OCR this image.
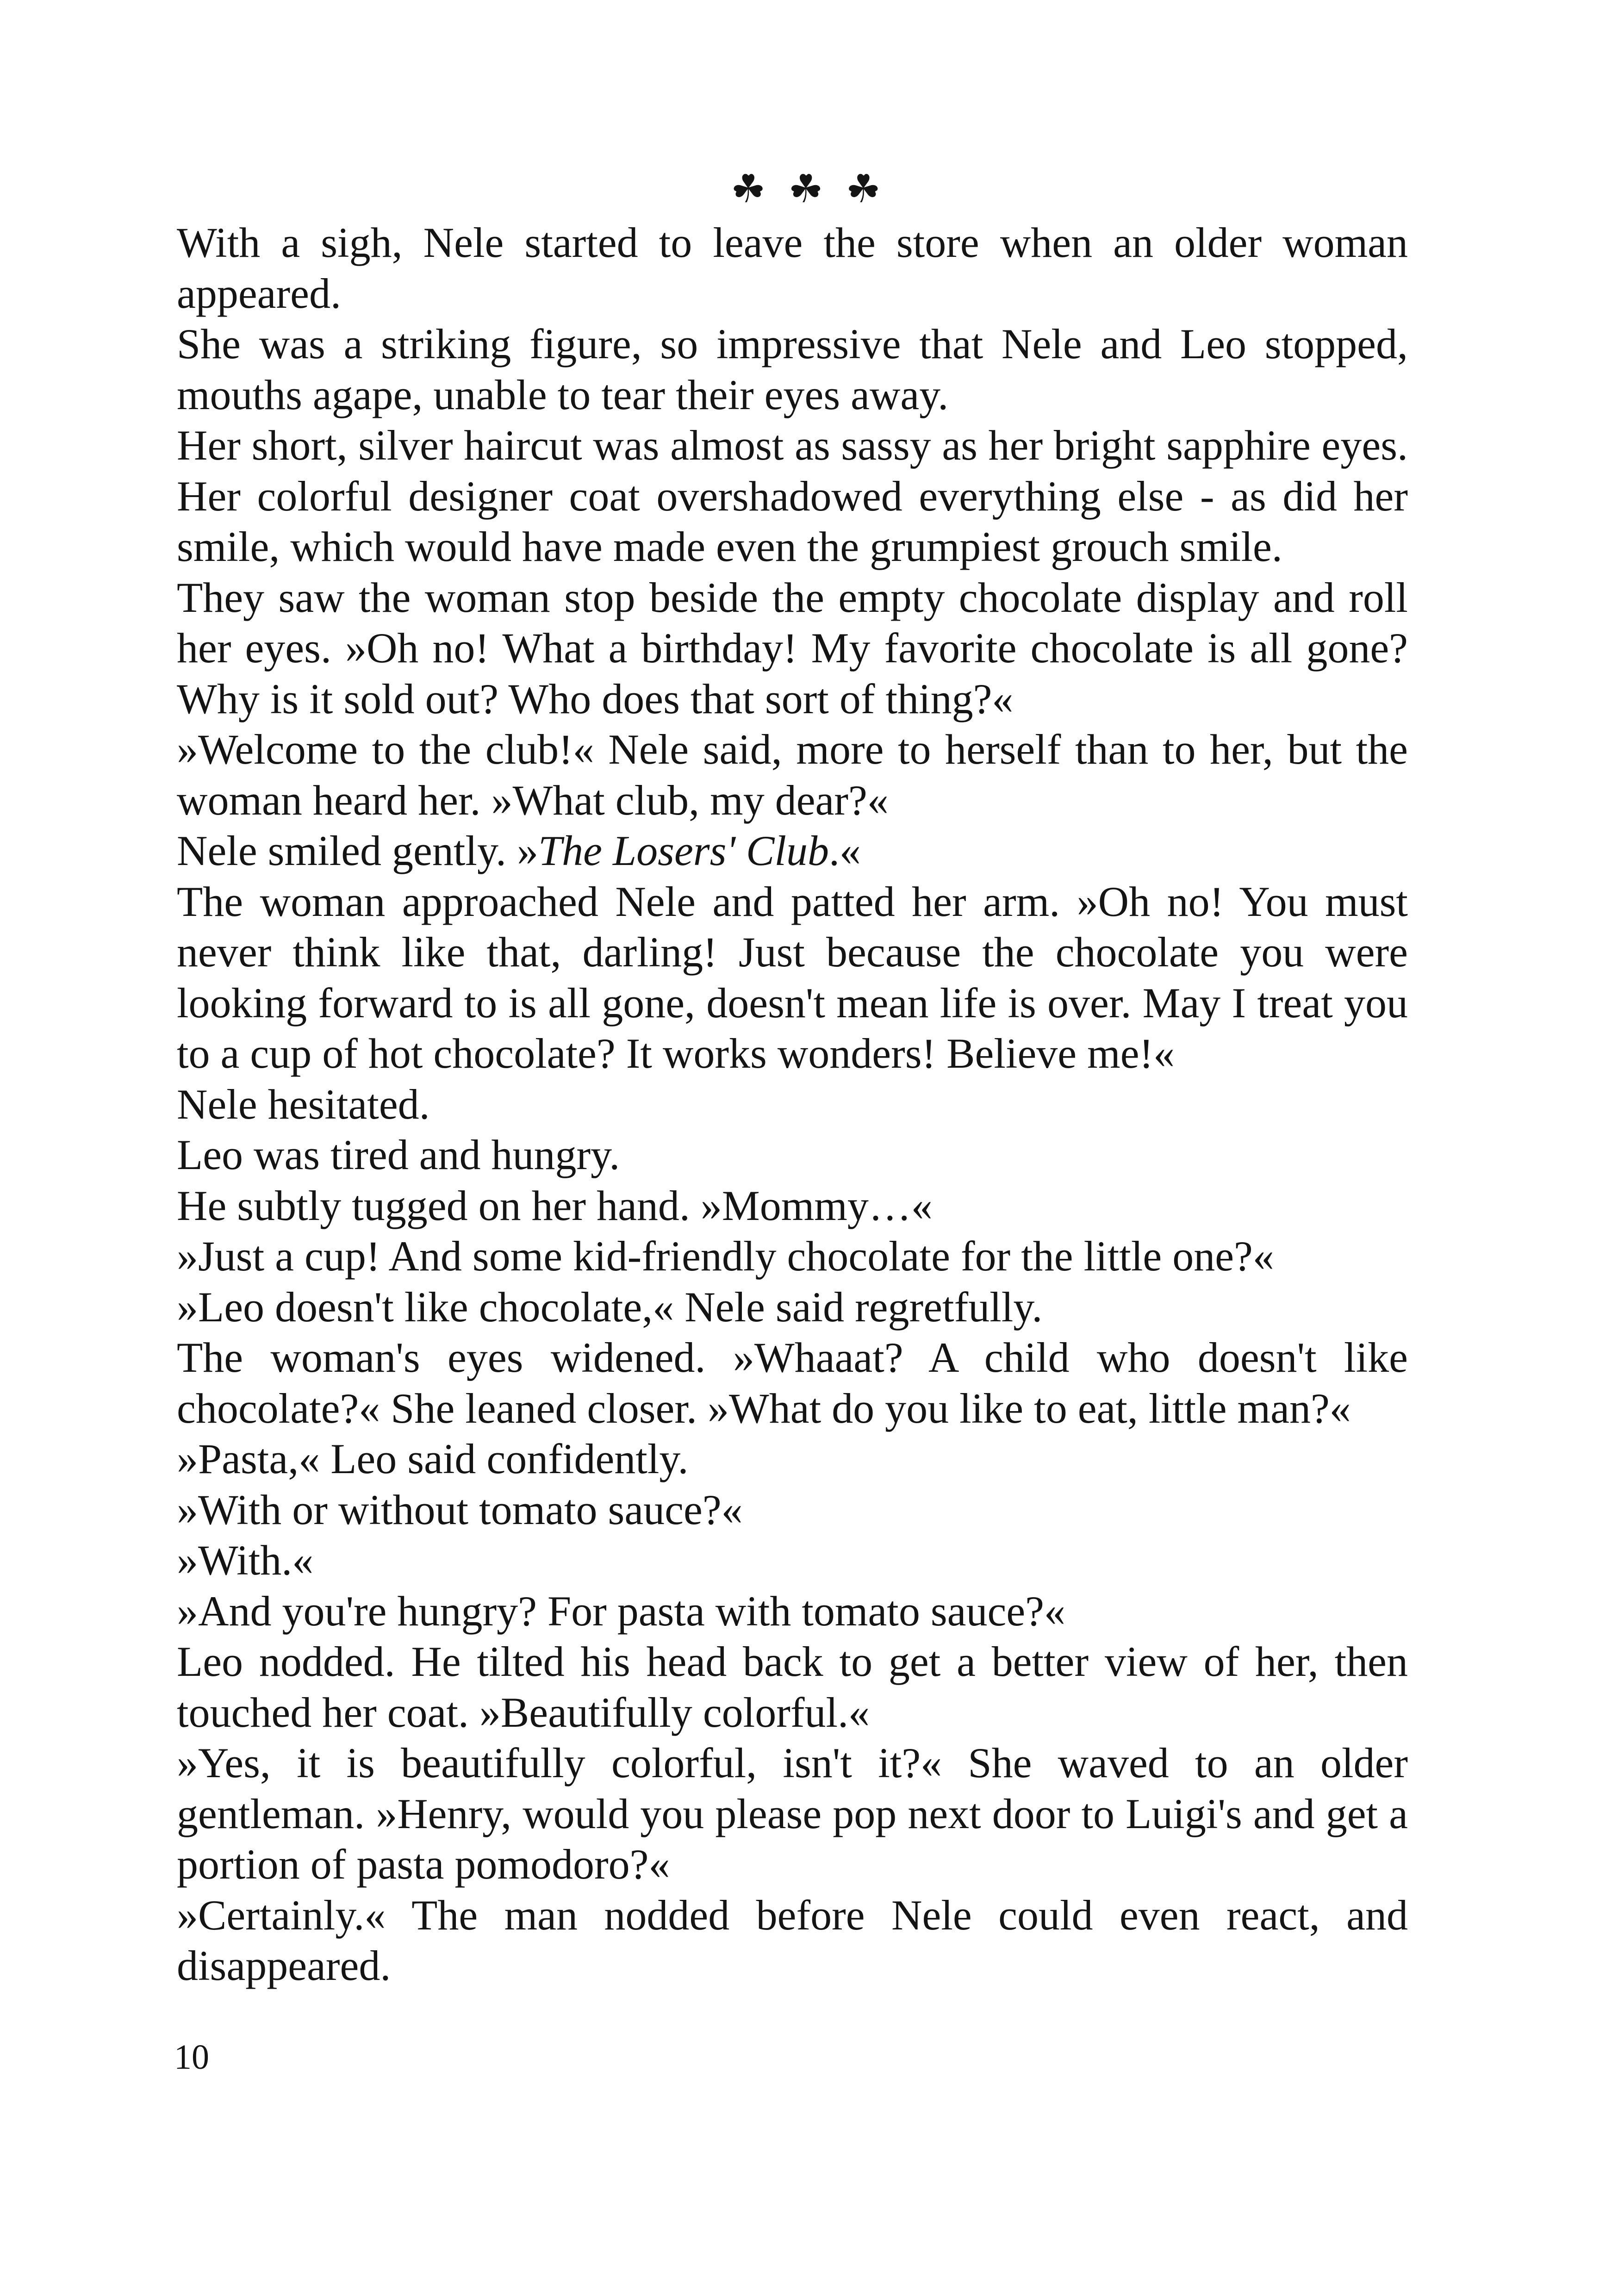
☘ ☘ ☘

With a sigh, Nele started to leave the store when an older woman appeared.

She was a striking figure, so impressive that Nele and Leo stopped, mouths agape, unable to tear their eyes away.

Her short, silver haircut was almost as sassy as her bright sapphire eyes. Her colorful designer coat overshadowed everything else - as did her smile, which would have made even the grumpiest grouch smile.

They saw the woman stop beside the empty chocolate display and roll her eyes. »Oh no! What a birthday! My favorite chocolate is all gone? Why is it sold out? Who does that sort of thing?«

»Welcome to the club!« Nele said, more to herself than to her, but the woman heard her. »What club, my dear?«

Nele smiled gently. »The Losers' Club.«

The woman approached Nele and patted her arm. »Oh no! You must never think like that, darling! Just because the chocolate you were looking forward to is all gone, doesn't mean life is over. May I treat you to a cup of hot chocolate? It works wonders! Believe me!«

Nele hesitated.

Leo was tired and hungry.

He subtly tugged on her hand. »Mommy…«

»Just a cup! And some kid-friendly chocolate for the little one?«

»Leo doesn't like chocolate,« Nele said regretfully.

The woman's eyes widened. »Whaaat? A child who doesn't like chocolate?« She leaned closer. »What do you like to eat, little man?«

»Pasta,« Leo said confidently.

»With or without tomato sauce?«

»With.«

»And you're hungry? For pasta with tomato sauce?«

Leo nodded. He tilted his head back to get a better view of her, then touched her coat. »Beautifully colorful.«

»Yes, it is beautifully colorful, isn't it?« She waved to an older gentleman. »Henry, would you please pop next door to Luigi's and get a portion of pasta pomodoro?«

»Certainly.« The man nodded before Nele could even react, and disappeared.

10
